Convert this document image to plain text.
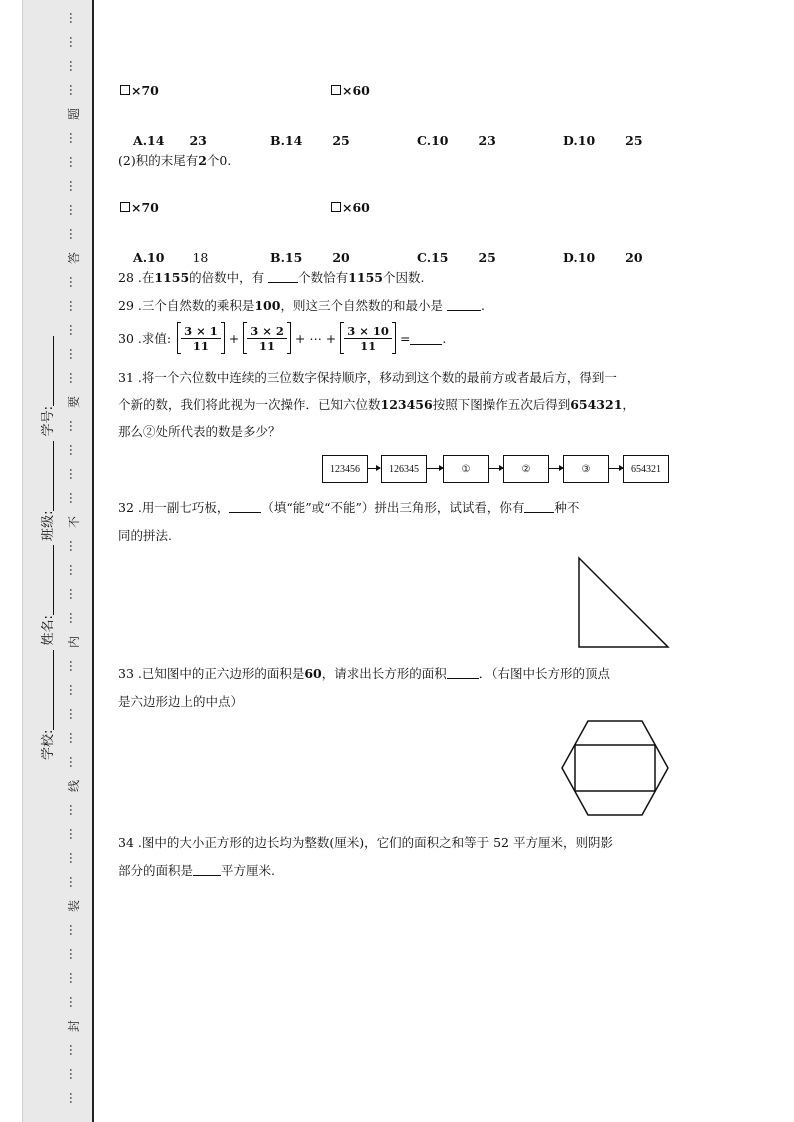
…
…
…
…
题
…
…
…
…
…
答
…
…
…
…
…
要
…
…
…
…
不
…
…
…
…
内
…
…
…
…
…
线
…
…
…
…
装
…
…
…
…
封
…
…
…
学校: 姓名: 班级: 学号:
×70	×60
A.14 23	B.14 25	C.10 23	D.10 25
(2)积的末尾有2个0.
×70	×60
A.10 18	B.15 20	C.15 25	D.10 20
28 .在1155的倍数中，有	个数恰有1155个因数.
29 .三个自然数的乘积是100，则这三个自然数的和最小是	.
30 .求值: $\frac{3 \times 1}{11} + \frac{3 \times 2}{11}$ + ⋯ + $\frac{3 \times 10}{11}$ =	.
31 .将一个六位数中连续的三位数字保持顺序，移动到这个数的最前方或者最后方，得到一
个新的数，我们将此视为一次操作．已知六位数123456按照下图操作五次后得到654321，
那么②处所代表的数是多少？
123456	126345	①	②	③	654321
32 .用一副七巧板，	（填“能”或“不能”）拼出三角形，试试看，你有 种不
同的拼法.
33 .已知图中的正六边形的面积是60，请求出长方形的面积	．（右图中长方形的顶点
是六边形边上的中点）
34 .图中的大小正方形的边长均为整数(厘米)，它们的面积之和等于 52 平方厘米，则阴影
部分的面积是 平方厘米.
